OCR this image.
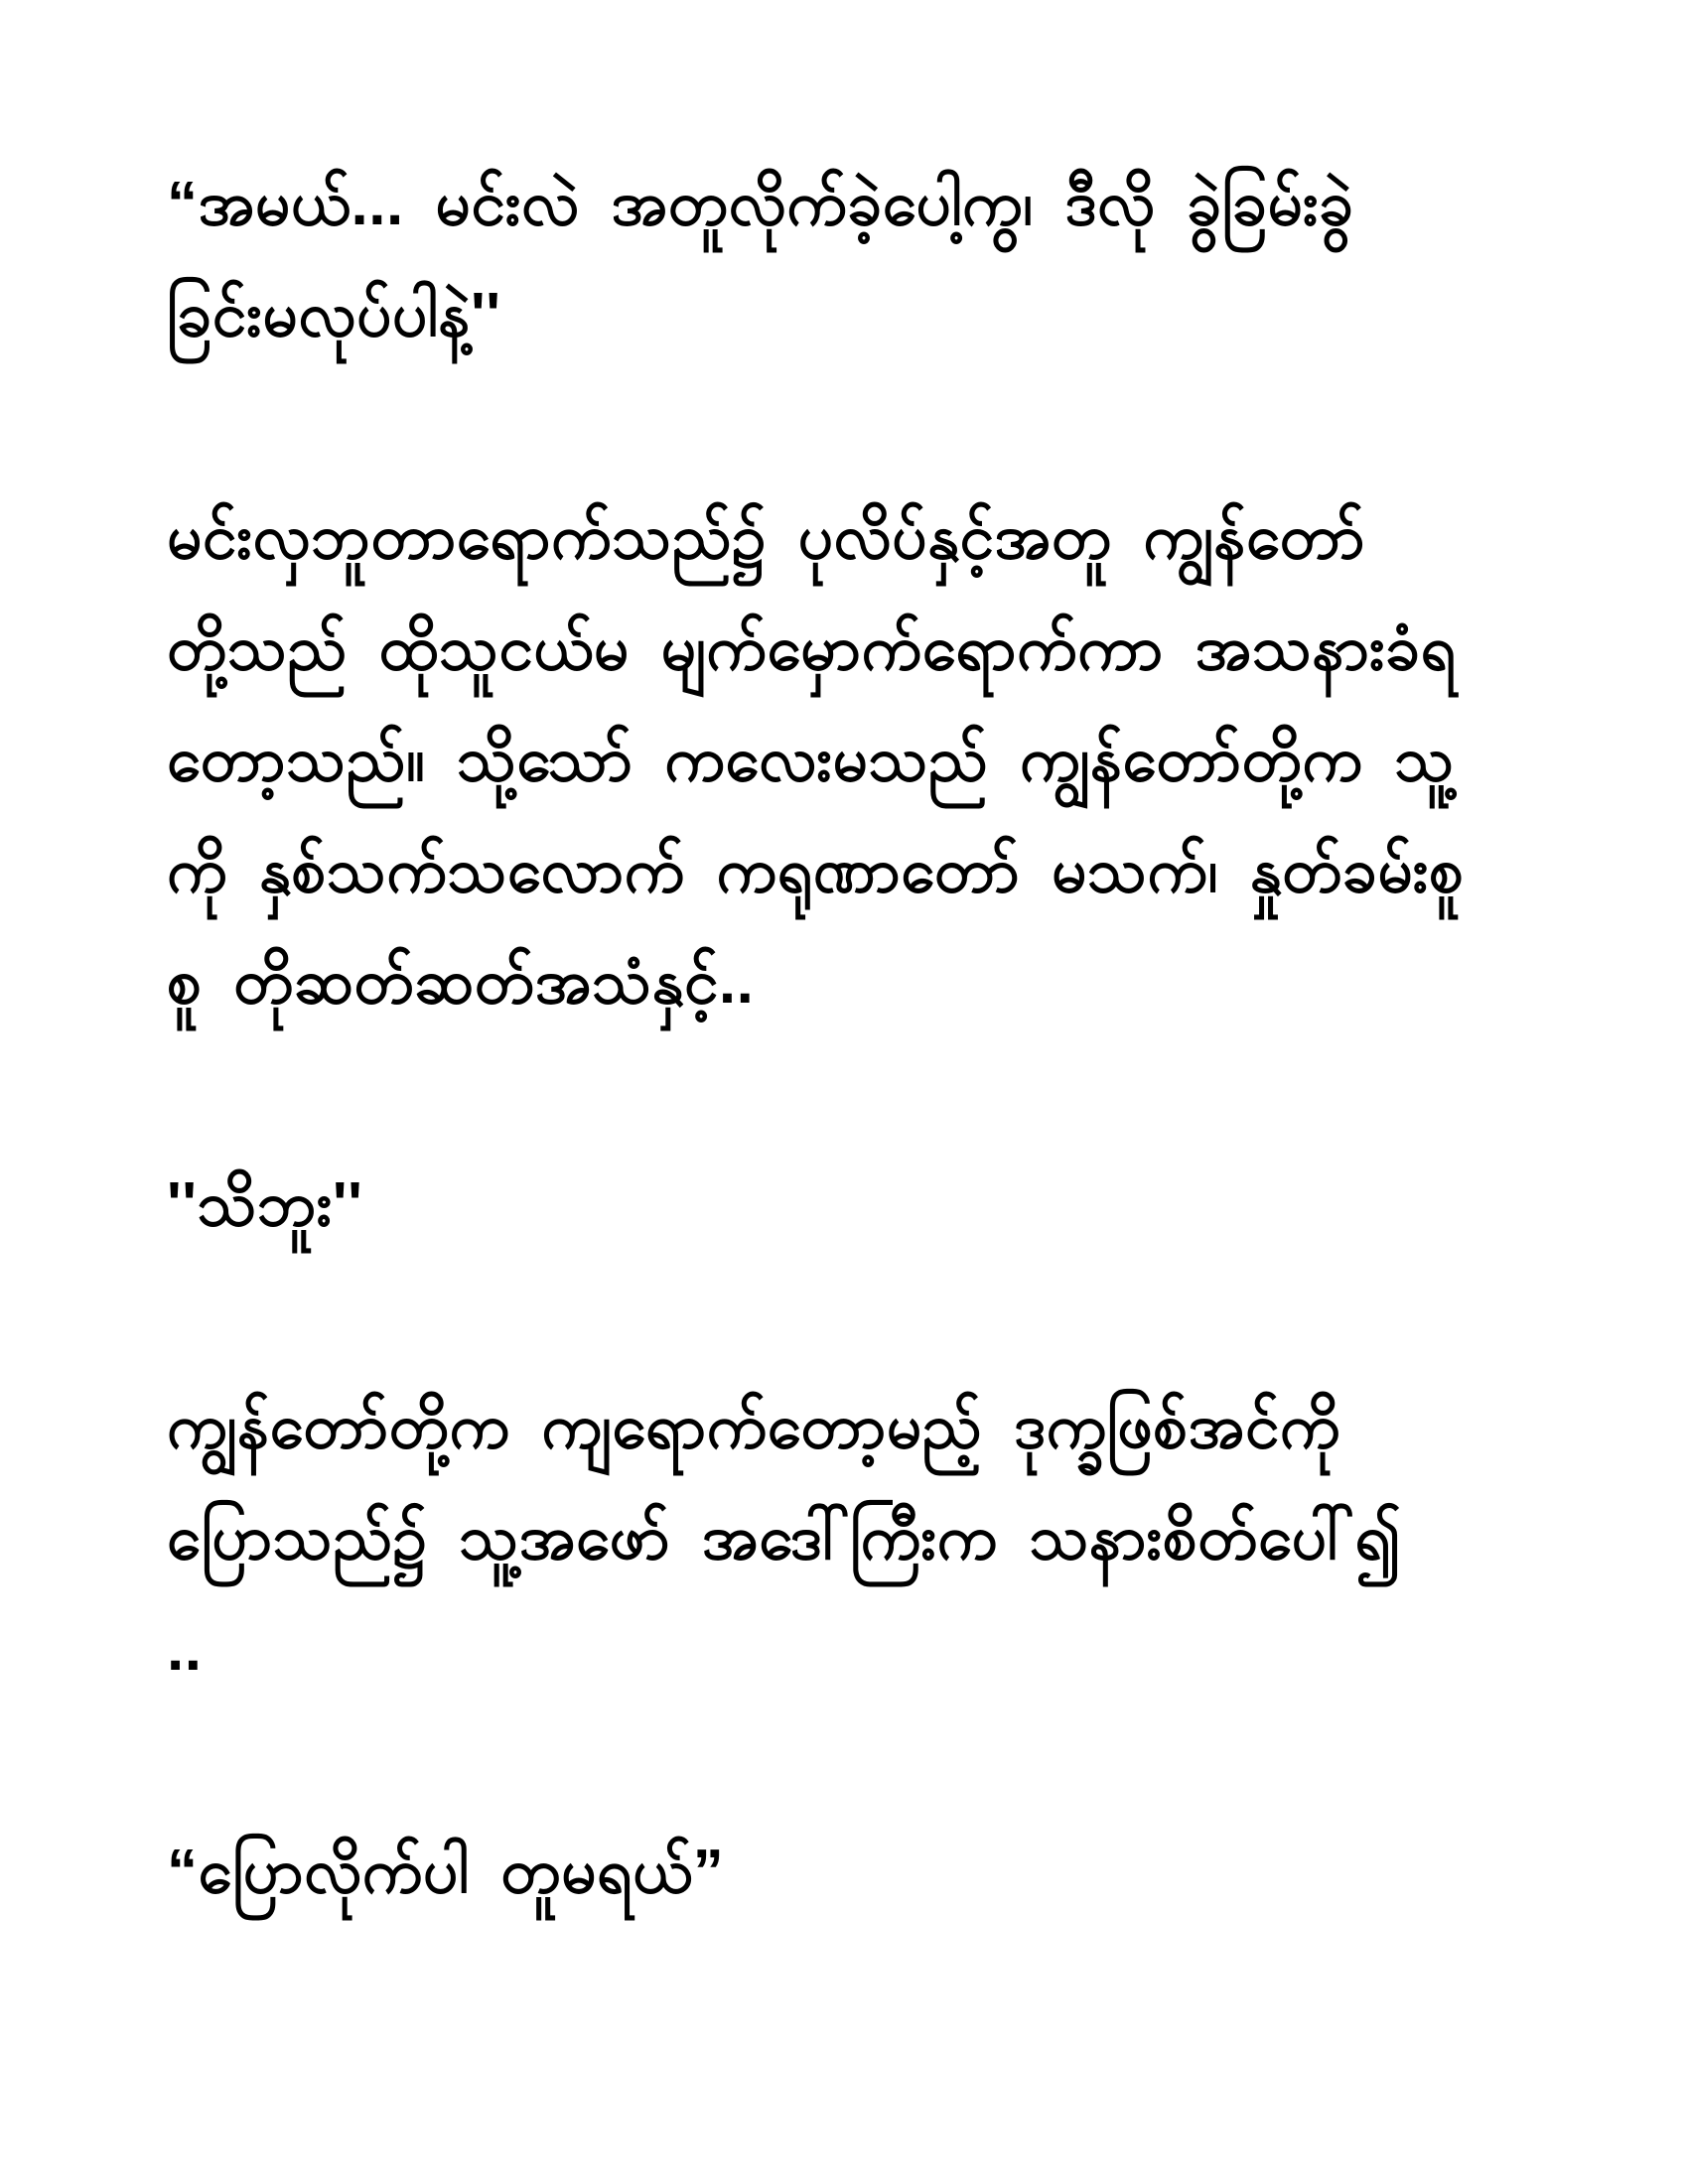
“အမယ်... မင်းလဲ အတူလိုက်ခဲ့ပေါ့ကွ၊ ဒီလို ခွဲခြမ်းခွဲ
ခြင်းမလုပ်ပါနဲ့''
မင်းလှဘူတာရောက်သည်၌ ပုလိပ်နှင့်အတူ ကျွန်တော်
တို့သည် ထိုသူငယ်မ မျက်မှောက်ရောက်ကာ အသနားခံရ
တော့သည်။ သို့သော် ကလေးမသည် ကျွန်တော်တို့က သူ့
ကို နှစ်သက်သလောက် ကရုဏာတော် မသက်၊ နှုတ်ခမ်းစူ
စူ တိုဆတ်ဆတ်အသံနှင့်..
''သိဘူး''
ကျွန်တော်တို့က ကျရောက်တော့မည့် ဒုက္ခဖြစ်အင်ကို
ပြောသည်၌ သူ့အဖော် အဒေါ်ကြီးက သနားစိတ်ပေါ်၍
..
“ပြောလိုက်ပါ တူမရယ်”
